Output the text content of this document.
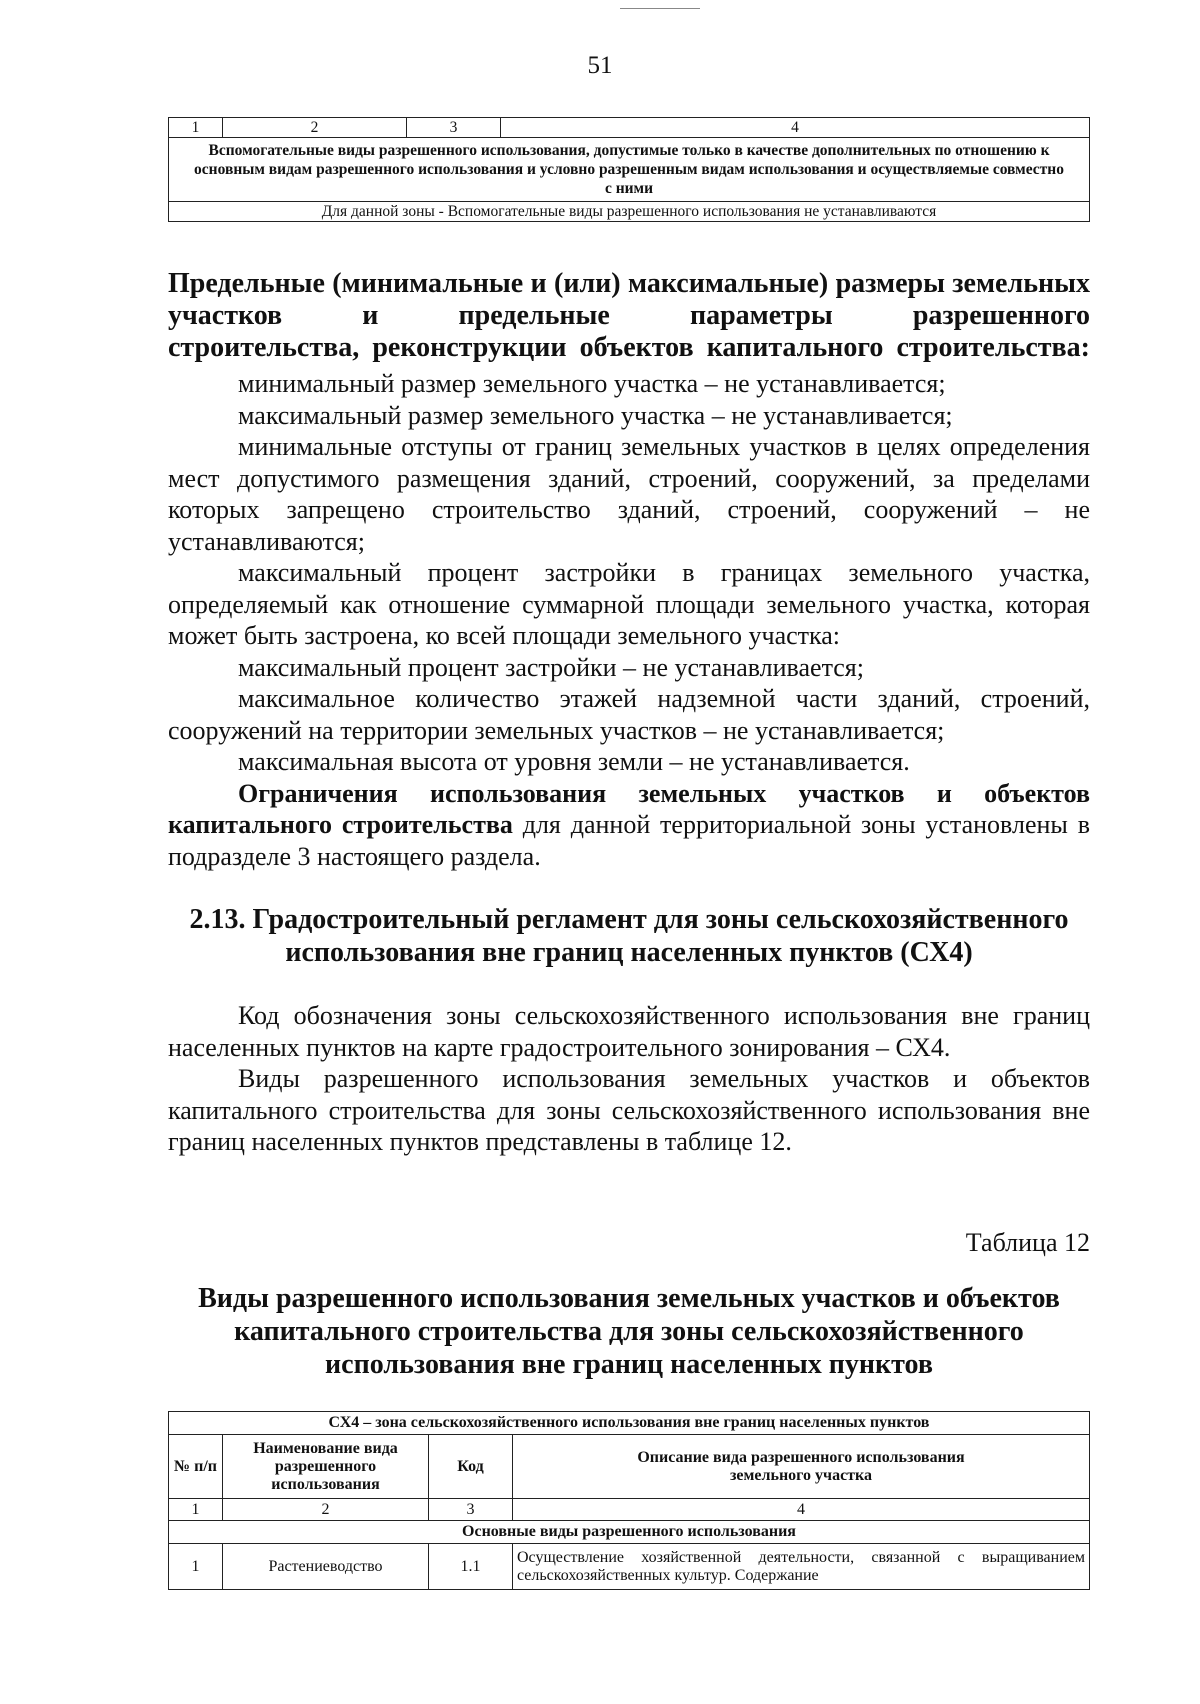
51
1	2	3	4
Вспомогательные виды разрешенного использования, допустимые только в качестве дополнительных по отношению к основным видам разрешенного использования и условно разрешенным видам использования и осуществляемые совместно с ними
Для данной зоны - Вспомогательные виды разрешенного использования не устанавливаются

Предельные (минимальные и (или) максимальные) размеры земельных участков и предельные параметры разрешенного

строительства, реконструкции объектов капитального строительства:

минимальный размер земельного участка – не устанавливается;

максимальный размер земельного участка – не устанавливается;

минимальные отступы от границ земельных участков в целях определения мест допустимого размещения зданий, строений, сооружений, за пределами которых запрещено строительство зданий, строений, сооружений – не устанавливаются;

максимальный процент застройки в границах земельного участка, определяемый как отношение суммарной площади земельного участка, которая может быть застроена, ко всей площади земельного участка:

максимальный процент застройки – не устанавливается;

максимальное количество этажей надземной части зданий, строений, сооружений на территории земельных участков – не устанавливается;

максимальная высота от уровня земли – не устанавливается.

Ограничения использования земельных участков и объектов капитального строительства для данной территориальной зоны установлены в подразделе 3 настоящего раздела.

2.13. Градостроительный регламент для зоны сельскохозяйственного
использования вне границ населенных пунктов (СХ4)

Код обозначения зоны сельскохозяйственного использования вне границ населенных пунктов на карте градостроительного зонирования – СХ4.

Виды разрешенного использования земельных участков и объектов капитального строительства для зоны сельскохозяйственного использования вне границ населенных пунктов представлены в таблице 12.

Таблица 12
Виды разрешенного использования земельных участков и объектов
капитального строительства для зоны сельскохозяйственного
использования вне границ населенных пунктов
СХ4 – зона сельскохозяйственного использования вне границ населенных пунктов			
№ п/п	Наименование вида разрешенного использования	Код	Описание вида разрешенного использования земельного участка
1	2	3	4
Основные виды разрешенного использования			
1	Растениеводство	1.1	Осуществление хозяйственной деятельности, связанной с выращиванием сельскохозяйственных культур. Содержание
